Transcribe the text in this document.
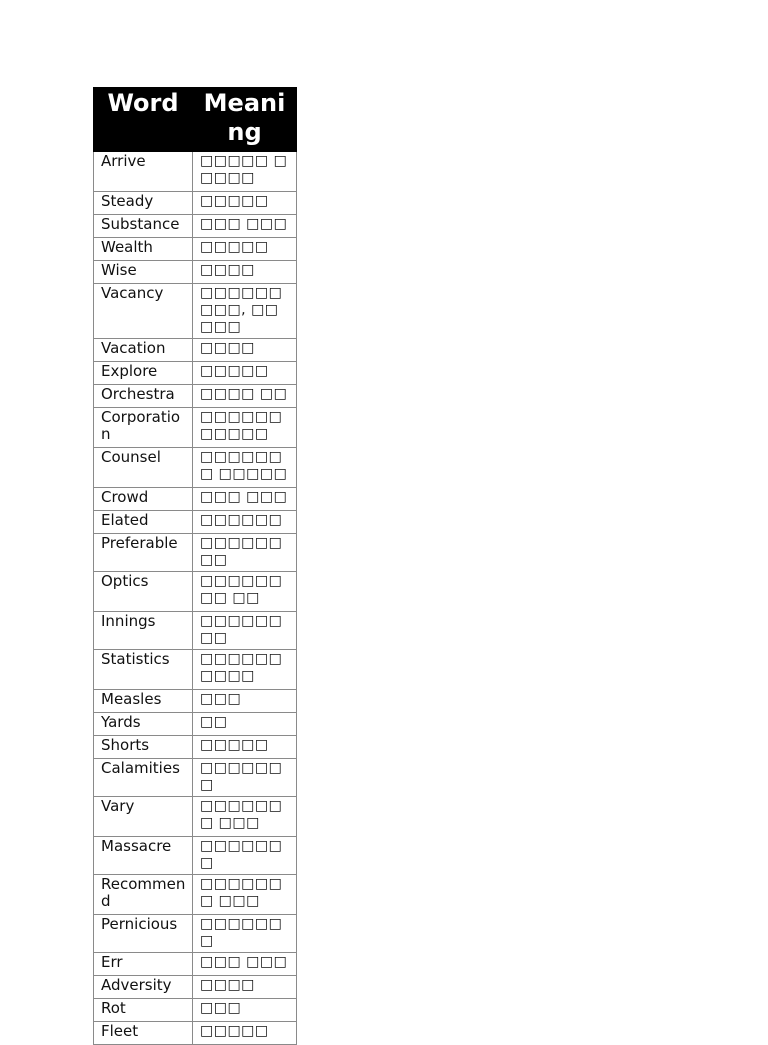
Word	Meani ng

Arrive	□□□□□ □□□□□
Steady	□□□□□
Substance	□□□ □□□
Wealth	□□□□□
Wise	□□□□
Vacancy	□□□□□□□□□, □□□□□
Vacation	□□□□
Explore	□□□□□
Orchestra	□□□□ □□
Corporation	□□□□□□□□□□□
Counsel	□□□□□□□ □□□□□
Crowd	□□□ □□□
Elated	□□□□□□
Preferable	□□□□□□□□
Optics	□□□□□□□□ □□
Innings	□□□□□□□□
Statistics	□□□□□□□□□□
Measles	□□□
Yards	□□
Shorts	□□□□□
Calamities	□□□□□□□
Vary	□□□□□□□ □□□
Massacre	□□□□□□□
Recommen d	□□□□□□□ □□□
Pernicious	□□□□□□□
Err	□□□ □□□
Adversity	□□□□
Rot	□□□
Fleet	□□□□□
